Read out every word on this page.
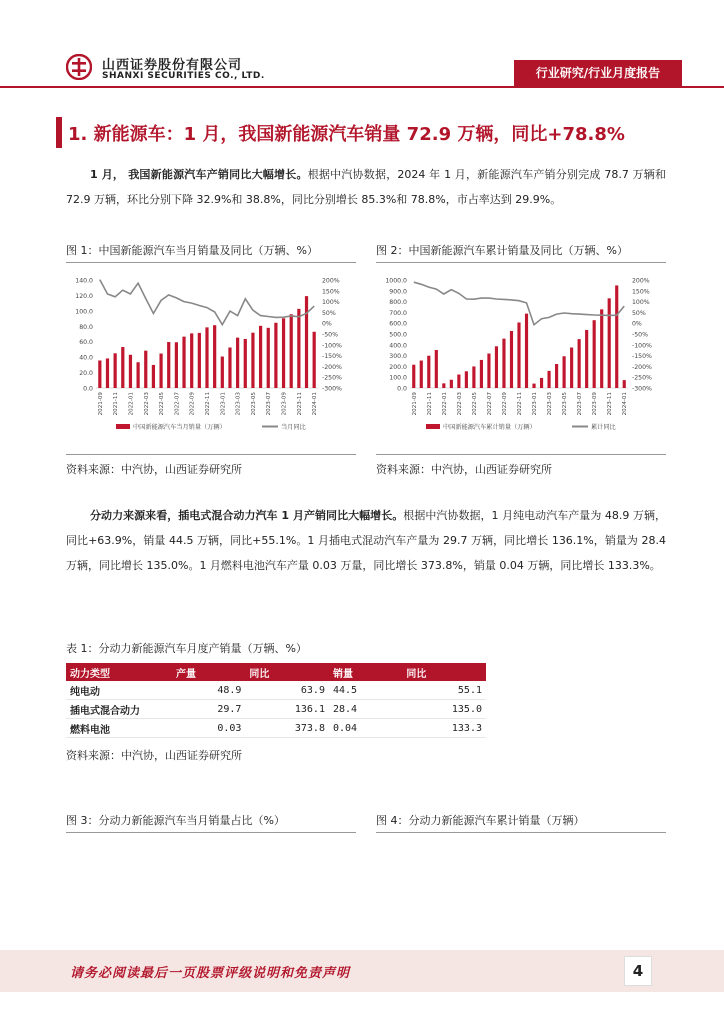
山西证券股份有限公司
SHANXI SECURITIES CO., LTD.	行业研究/行业月度报告
1. 新能源车：1 月，我国新能源汽车销量 72.9 万辆，同比+78.8%
1 月， 我国新能源汽车产销同比大幅增长。根据中汽协数据，2024 年 1 月，新能源汽车产销分别完成 78.7 万辆和 72.9 万辆，环比分别下降 32.9%和 38.8%，同比分别增长 85.3%和 78.8%，市占率达到 29.9%。
图 1：中国新能源汽车当月销量及同比（万辆、%）	图 2：中国新能源汽车累计销量及同比（万辆、%）
0.0
20.0
40.0
60.0
80.0
100.0
120.0
140.0	200%
150%
100%
50%
0%
-50%
-100%
-150%
-200%
-250%
-300%
2021-09 2021-11 2022-01 2022-03 2022-05 2022-07 2022-09 2022-11 2023-01 2023-03 2023-05 2023-07 2023-09 2023-11 2024-01
中国新能源汽车当月销量（万辆）	当月同比
0.0
100.0
200.0
300.0
400.0
500.0
600.0
700.0
800.0
900.0
1000.0	200%
150%
100%
50%
0%
-50%
-100%
-150%
-200%
-250%
-300%
2021-09 2021-11 2022-01 2022-03 2022-05 2022-07 2022-09 2022-11 2023-01 2023-03 2023-05 2023-07 2023-09 2023-11 2024-01
中国新能源汽车累计销量（万辆）	累计同比
资料来源：中汽协，山西证券研究所	资料来源：中汽协，山西证券研究所
分动力来源来看，插电式混合动力汽车 1 月产销同比大幅增长。根据中汽协数据，1 月纯电动汽车产量为 48.9 万辆，同比+63.9%，销量 44.5 万辆，同比+55.1%。1 月插电式混动汽车产量为 29.7 万辆，同比增长 136.1%，销量为 28.4 万辆，同比增长 135.0%。1 月燃料电池汽车产量 0.03 万量，同比增长 373.8%，销量 0.04 万辆，同比增长 133.3%。
表 1：分动力新能源汽车月度产销量（万辆、%）
动力类型	产量	同比	销量	同比
纯电动	48.9	63.9	44.5	55.1
插电式混合动力	29.7	136.1	28.4	135.0
燃料电池	0.03	373.8	0.04	133.3
资料来源：中汽协，山西证券研究所
图 3：分动力新能源汽车当月销量占比（%）	图 4：分动力新能源汽车累计销量（万辆）
请务必阅读最后一页股票评级说明和免责声明	4
